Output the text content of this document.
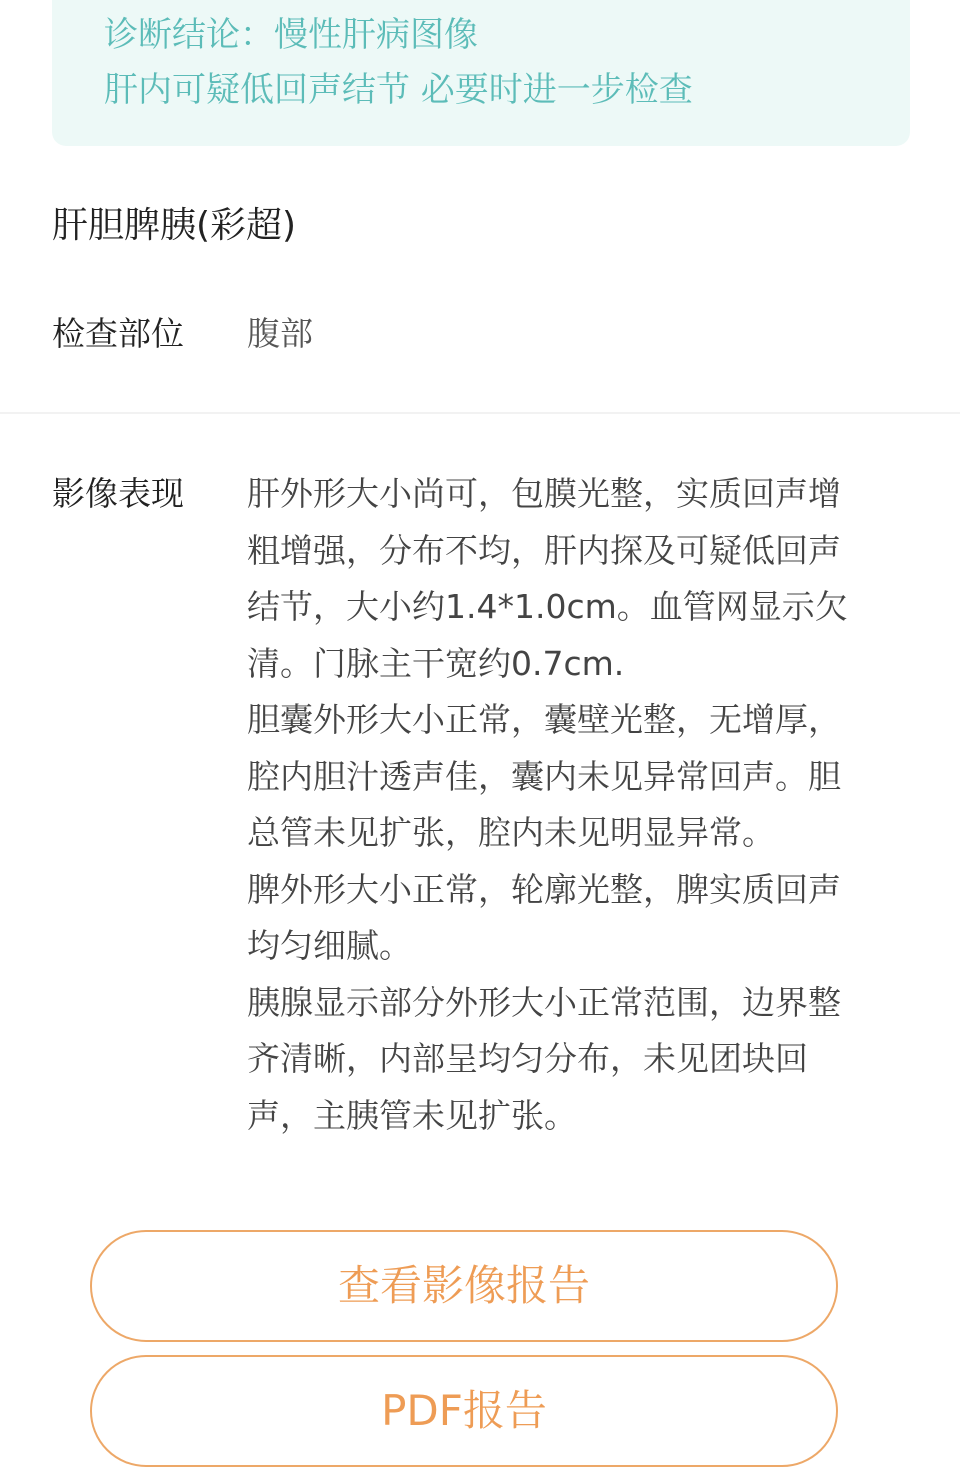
诊断结论：慢性肝病图像
肝内可疑低回声结节 必要时进一步检查
肝胆脾胰(彩超)
检查部位 腹部
影像表现 肝外形大小尚可，包膜光整，实质回声增
粗增强，分布不均，肝内探及可疑低回声
结节，大小约1.4*1.0cm。血管网显示欠
清。门脉主干宽约0.7cm.
胆囊外形大小正常，囊壁光整，无增厚，
腔内胆汁透声佳，囊内未见异常回声。胆
总管未见扩张，腔内未见明显异常。
脾外形大小正常，轮廓光整，脾实质回声
均匀细腻。
胰腺显示部分外形大小正常范围，边界整
齐清晰，内部呈均匀分布，未见团块回
声，主胰管未见扩张。
查看影像报告
PDF报告
